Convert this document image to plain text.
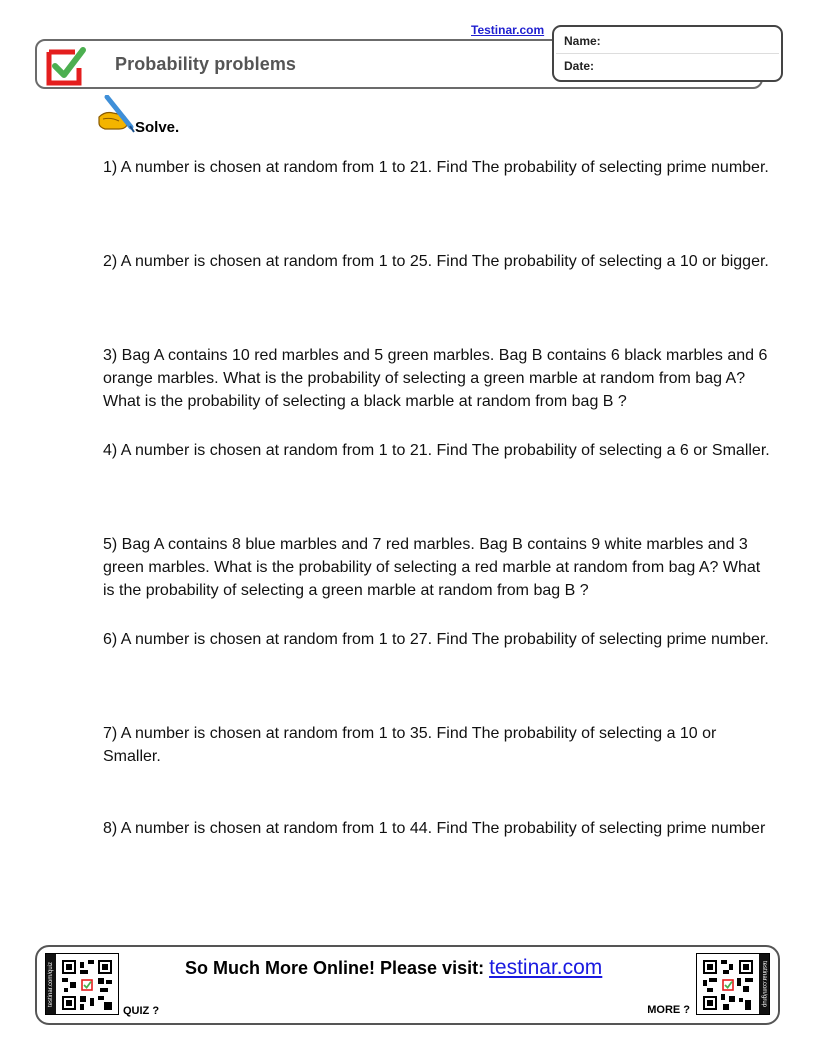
Probability problems
Testinar.com
Name:
Date:
Solve.
1) A number is chosen at random from 1 to 21. Find The probability of selecting prime number.
2) A number is chosen at random from 1 to 25. Find The probability of selecting a 10 or bigger.
3) Bag A contains 10 red marbles and 5 green marbles. Bag B contains 6 black marbles and 6 orange marbles. What is the probability of selecting a green marble at random from bag A? What is the probability of selecting a black marble at random from bag B ?
4) A number is chosen at random from 1 to 21. Find The probability of selecting a 6 or Smaller.
5) Bag A contains 8 blue marbles and 7 red marbles. Bag B contains 9 white marbles and 3 green marbles. What is the probability of selecting a red marble at random from bag A? What is the probability of selecting a green marble at random from bag B ?
6) A number is chosen at random from 1 to 27. Find The probability of selecting prime number.
7) A number is chosen at random from 1 to 35. Find The probability of selecting a 10 or Smaller.
8) A number is chosen at random from 1 to 44. Find The probability of selecting prime number
testinar.com/quiz
QUIZ ?
So Much More Online! Please visit: testinar.com
MORE ?
testinar.com/grup
